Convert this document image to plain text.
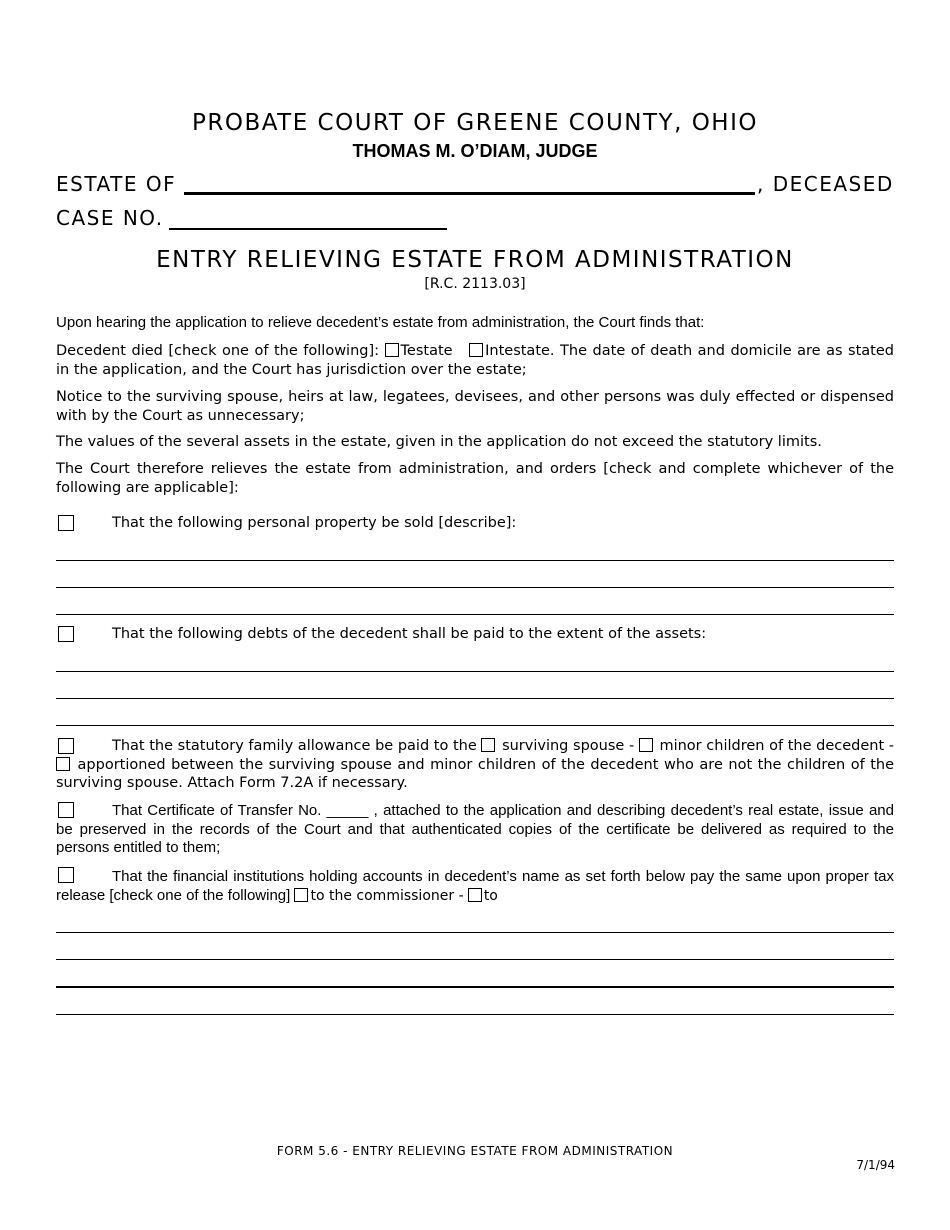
PROBATE COURT OF GREENE COUNTY, OHIO
THOMAS M. O’DIAM, JUDGE
ESTATE OF	, DECEASED
CASE NO.
ENTRY RELIEVING ESTATE FROM ADMINISTRATION
[R.C. 2113.03]
Upon hearing the application to relieve decedent’s estate from administration, the Court finds that:
Decedent died [check one of the following]: Testate Intestate. The date of death and domicile are as stated in the application, and the Court has jurisdiction over the estate;
Notice to the surviving spouse, heirs at law, legatees, devisees, and other persons was duly effected or dispensed with by the Court as unnecessary;
The values of the several assets in the estate, given in the application do not exceed the statutory limits.
The Court therefore relieves the estate from administration, and orders [check and complete whichever of the following are applicable]:
That the following personal property be sold [describe]:
That the following debts of the decedent shall be paid to the extent of the assets:
That the statutory family allowance be paid to the surviving spouse - minor children of the decedent -  apportioned between the surviving spouse and minor children of the decedent who are not the children of the surviving spouse. Attach Form 7.2A if necessary.
That Certificate of Transfer No. _____ , attached to the application and describing decedent’s real estate, issue and be preserved in the records of the Court and that authenticated copies of the certificate be delivered as required to the persons entitled to them;
That the financial institutions holding accounts in decedent’s name as set forth below pay the same upon proper tax release [check one of the following] to the commissioner - to
FORM 5.6 - ENTRY RELIEVING ESTATE FROM ADMINISTRATION
7/1/94
